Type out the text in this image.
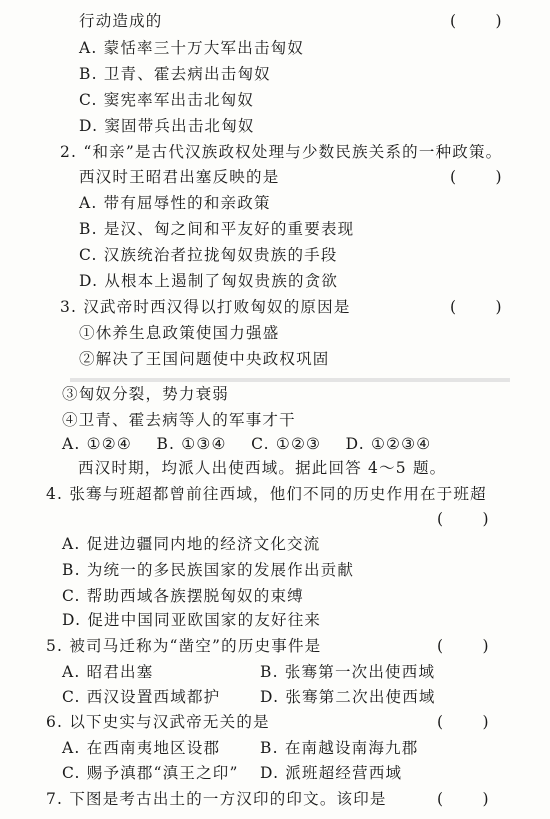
行动造成的	(        )
A. 蒙恬率三十万大军出击匈奴
B. 卫青、霍去病出击匈奴
C. 窦宪率军出击北匈奴
D. 窦固带兵出击北匈奴
2. “和亲”是古代汉族政权处理与少数民族关系的一种政策。
西汉时王昭君出塞反映的是	(        )
A. 带有屈辱性的和亲政策
B. 是汉、匈之间和平友好的重要表现
C. 汉族统治者拉拢匈奴贵族的手段
D. 从根本上遏制了匈奴贵族的贪欲
3. 汉武帝时西汉得以打败匈奴的原因是	(        )
①休养生息政策使国力强盛
②解决了王国问题使中央政权巩固
③匈奴分裂，势力衰弱
④卫青、霍去病等人的军事才干
A. ①②④    B. ①③④    C. ①②③    D. ①②③④
西汉时期，均派人出使西域。据此回答 4～5 题。
4. 张骞与班超都曾前往西域，他们不同的历史作用在于班超
(        )
A. 促进边疆同内地的经济文化交流
B. 为统一的多民族国家的发展作出贡献
C. 帮助西域各族摆脱匈奴的束缚
D. 促进中国同亚欧国家的友好往来
5. 被司马迁称为“凿空”的历史事件是	(        )
A. 昭君出塞	B. 张骞第一次出使西域
C. 西汉设置西域都护	D. 张骞第二次出使西域
6. 以下史实与汉武帝无关的是	(        )
A. 在西南夷地区设郡	B. 在南越设南海九郡
C. 赐予滇郡“滇王之印” D. 派班超经营西域
7. 下图是考古出土的一方汉印的印文。该印是	(        )
